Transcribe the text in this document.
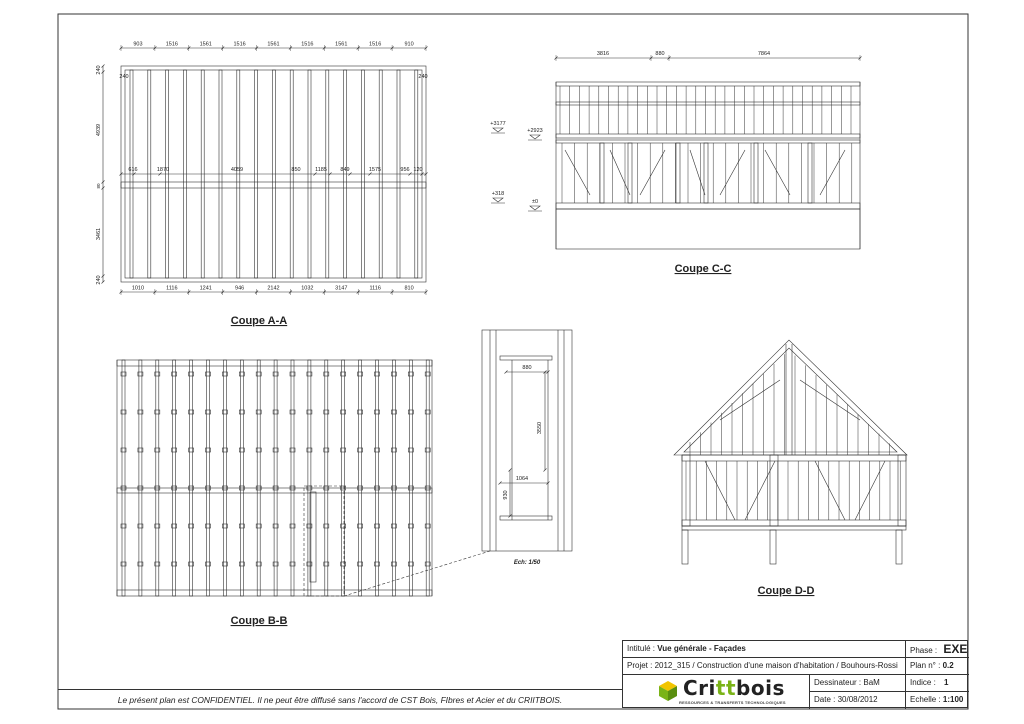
903	1516	1561	1516	1561	1516	1561	1516	910
1010	1116	1241	946	2142	1032	3147	1116	810
240
4939
80
3461
240
240	240
616	1870	4059	850	1185 849	1575	956 120
Coupe A-A
3816	880	7864
+3177
+2923
+318
±0
Coupe C-C
Coupe B-B
880
3550
1064
930
Ech: 1/50
Coupe D-D
Le présent plan est CONFIDENTIEL. Il ne peut être diffusé sans l'accord de CST Bois, FIbres et Acier et du CRIITBOIS.
Intitulé : Vue générale - Façades	Phase : EXE
Projet : 2012_315 / Construction d'une maison d'habitation / Bouhours-Rossi	Plan n° : 0.2
Dessinateur : BaM	Indice : 1
Date : 30/08/2012	Echelle : 1:100
Crittbois
RESSOURCES & TRANSFERTS TECHNOLOGIQUES
